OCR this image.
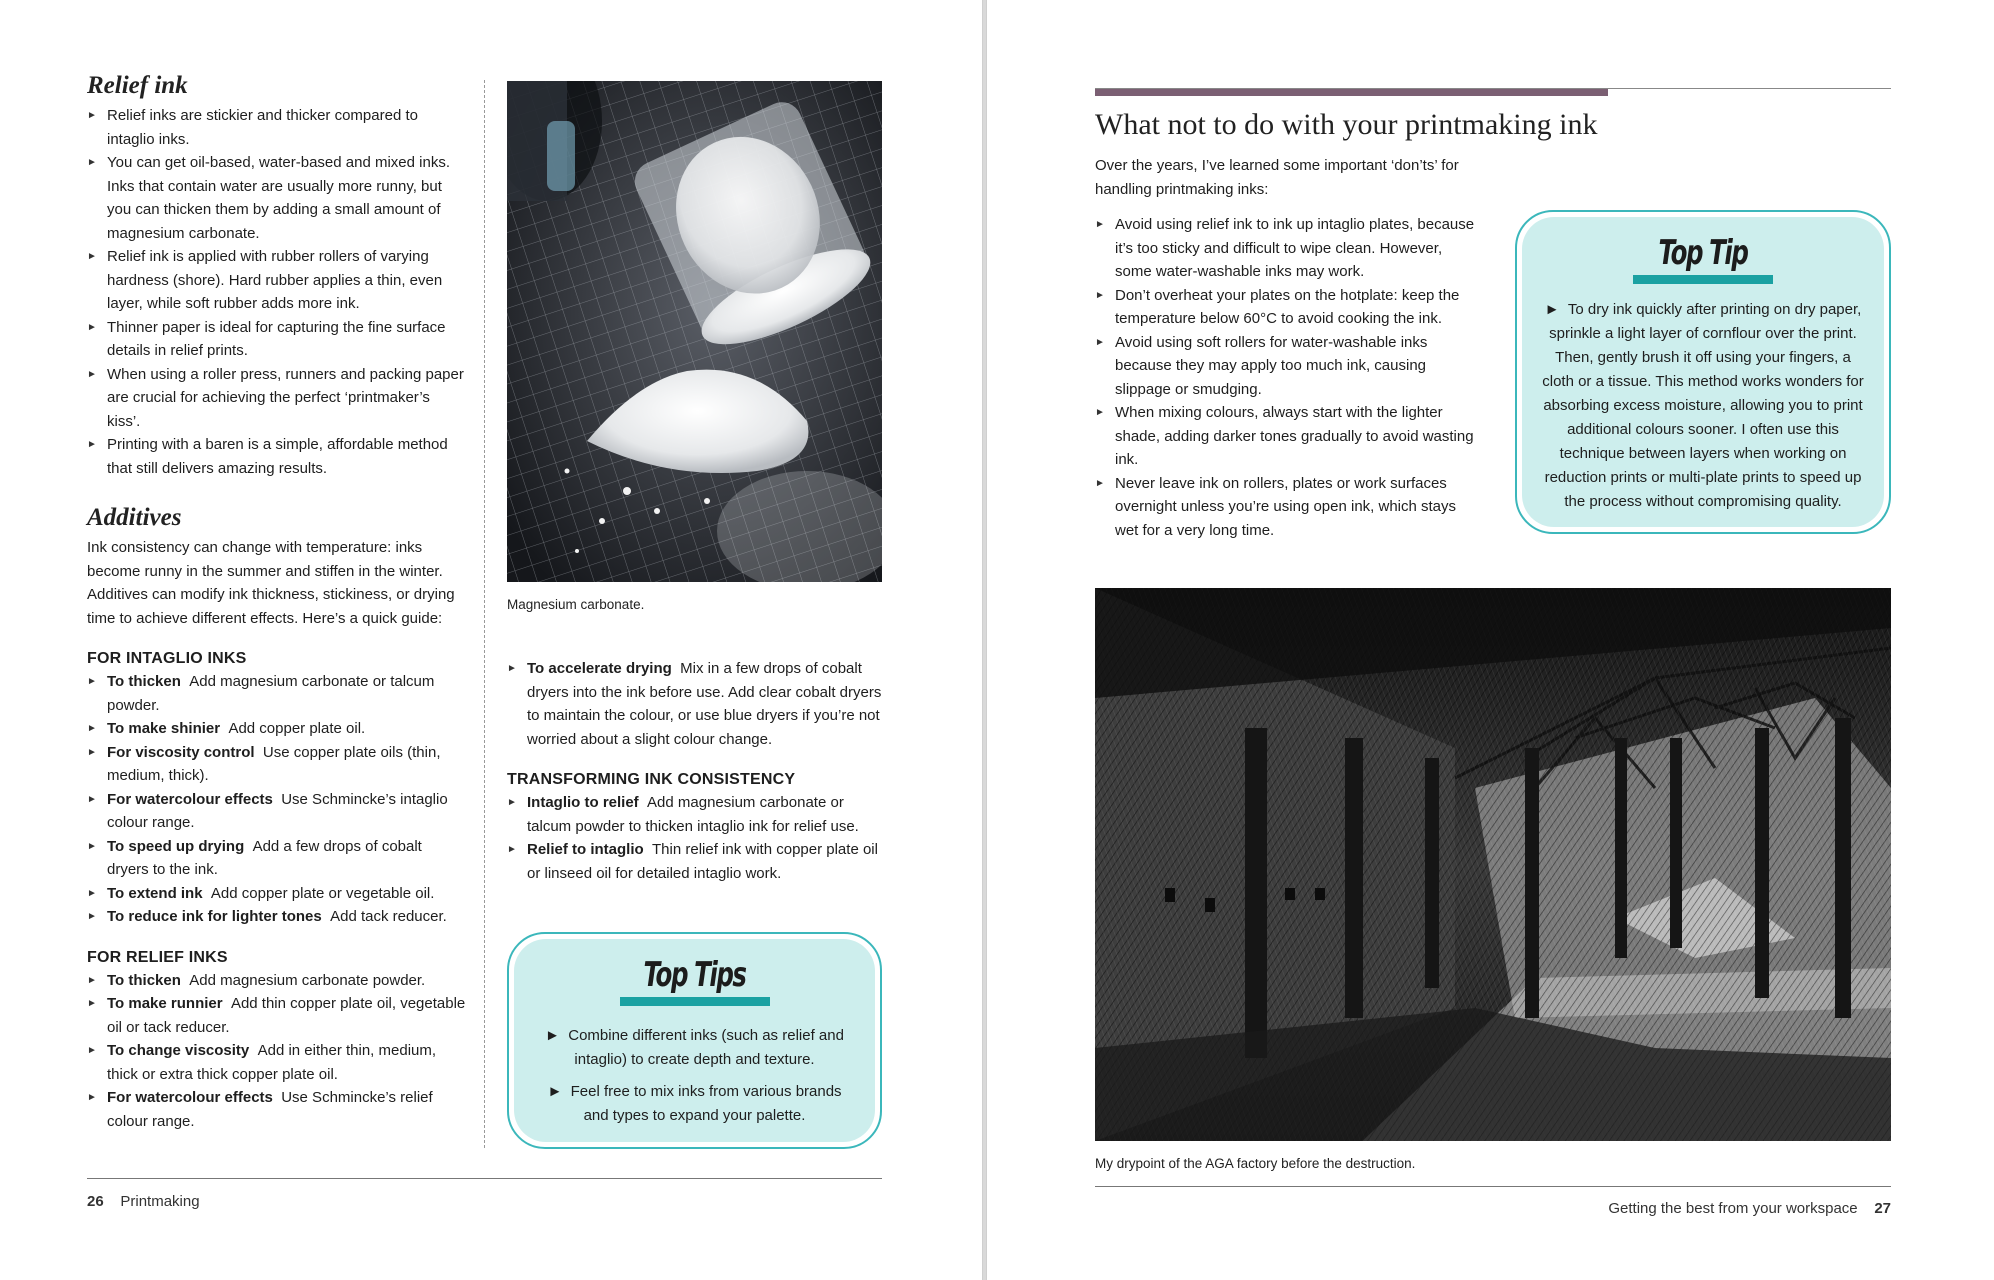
Relief ink
► Relief inks are stickier and thicker compared to intaglio inks.
► You can get oil-based, water-based and mixed inks. Inks that contain water are usually more runny, but you can thicken them by adding a small amount of magnesium carbonate.
► Relief ink is applied with rubber rollers of varying hardness (shore). Hard rubber applies a thin, even layer, while soft rubber adds more ink.
► Thinner paper is ideal for capturing the fine surface details in relief prints.
► When using a roller press, runners and packing paper are crucial for achieving the perfect ‘printmaker’s kiss’.
► Printing with a baren is a simple, affordable method that still delivers amazing results.
Additives

Ink consistency can change with temperature: inks become runny in the summer and stiffen in the winter. Additives can modify ink thickness, stickiness, or drying time to achieve different effects. Here’s a quick guide:

FOR INTAGLIO INKS
► To thicken Add magnesium carbonate or talcum powder.
► To make shinier Add copper plate oil.
► For viscosity control Use copper plate oils (thin, medium, thick).
► For watercolour effects Use Schmincke’s intaglio colour range.
► To speed up drying Add a few drops of cobalt dryers to the ink.
► To extend ink Add copper plate or vegetable oil.
► To reduce ink for lighter tones Add tack reducer.
FOR RELIEF INKS
► To thicken Add magnesium carbonate powder.
► To make runnier Add thin copper plate oil, vegetable oil or tack reducer.
► To change viscosity Add in either thin, medium, thick or extra thick copper plate oil.
► For watercolour effects Use Schmincke’s relief colour range.
Magnesium carbonate.
► To accelerate drying Mix in a few drops of cobalt dryers into the ink before use. Add clear cobalt dryers to maintain the colour, or use blue dryers if you’re not worried about a slight colour change.
TRANSFORMING INK CONSISTENCY
► Intaglio to relief Add magnesium carbonate or talcum powder to thicken intaglio ink for relief use.
► Relief to intaglio Thin relief ink with copper plate oil or linseed oil for detailed intaglio work.
Top Tips

►  Combine different inks (such as relief and intaglio) to create depth and texture.

►  Feel free to mix inks from various brands and types to expand your palette.

26 Printmaking
What not to do with your printmaking ink

Over the years, I’ve learned some important ‘don’ts’ for handling printmaking inks:

► Avoid using relief ink to ink up intaglio plates, because it’s too sticky and difficult to wipe clean. However, some water-washable inks may work.
► Don’t overheat your plates on the hotplate: keep the temperature below 60°C to avoid cooking the ink.
► Avoid using soft rollers for water-washable inks because they may apply too much ink, causing slippage or smudging.
► When mixing colours, always start with the lighter shade, adding darker tones gradually to avoid wasting ink.
► Never leave ink on rollers, plates or work surfaces overnight unless you’re using open ink, which stays wet for a very long time.
Top Tip

►  To dry ink quickly after printing on dry paper, sprinkle a light layer of cornflour over the print. Then, gently brush it off using your fingers, a cloth or a tissue. This method works wonders for absorbing excess moisture, allowing you to print additional colours sooner. I often use this technique between layers when working on reduction prints or multi-plate prints to speed up the process without compromising quality.

My drypoint of the AGA factory before the destruction.
Getting the best from your workspace 27
